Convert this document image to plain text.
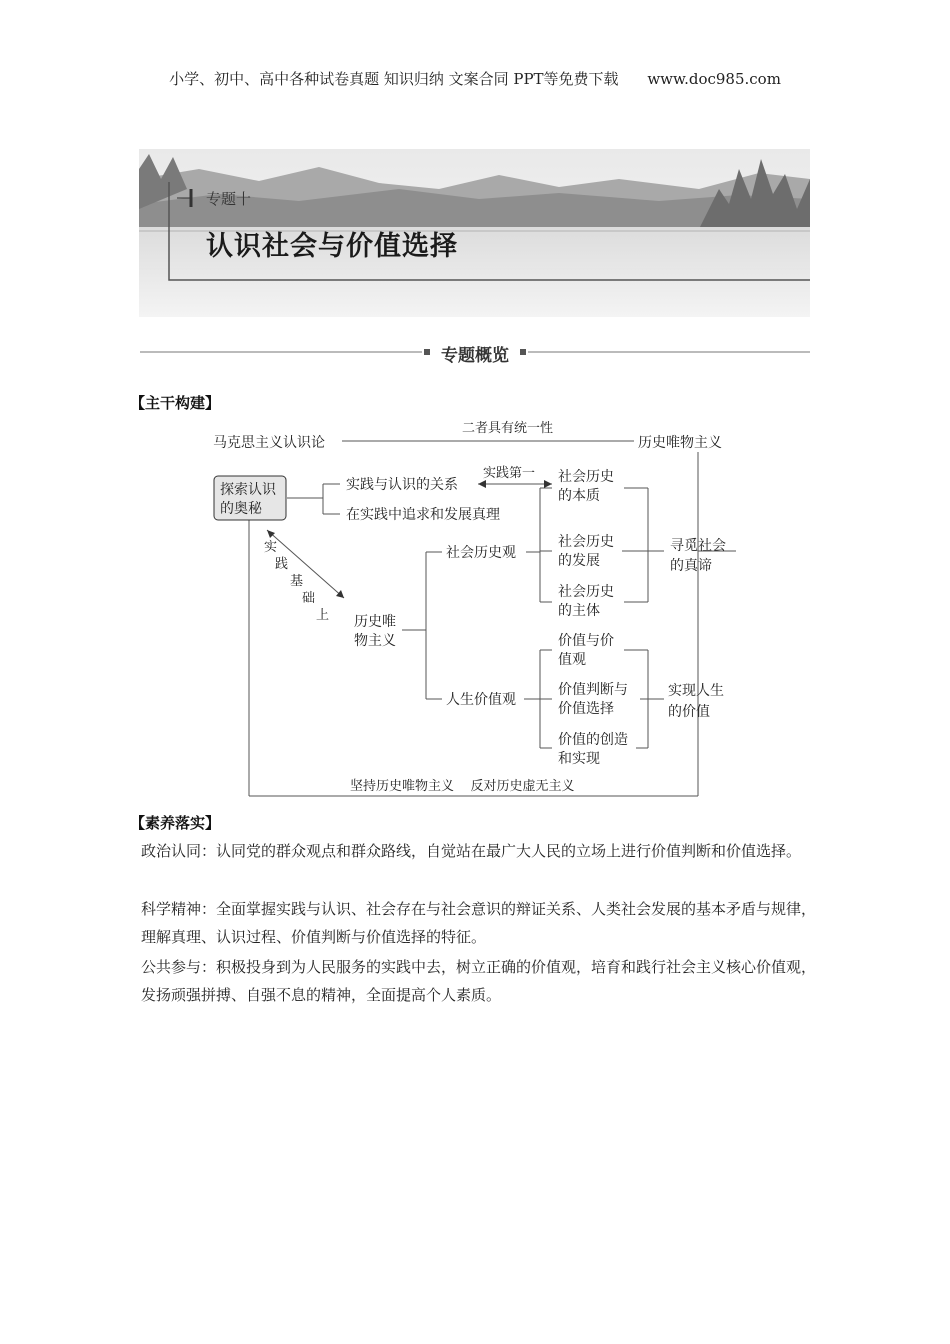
小学、初中、高中各种试卷真题 知识归纳 文案合同 PPT等免费下载 www.doc985.com
专题十
认识社会与价值选择
专题概览
【主干构建】
马克思主义认识论	历史唯物主义
二者具有统一性
探索认识
的奥秘
实践与认识的关系
在实践中追求和发展真理
实践第一
实
践
基
础
上 历史唯
物主义
社会历史观
人生价值观
社会历史
的本质
社会历史
的发展
社会历史
的主体
寻觅社会
的真谛
价值与价
值观
价值判断与
价值选择
价值的创造
和实现
实现人生
的价值
坚持历史唯物主义    反对历史虚无主义
【素养落实】
政治认同：认同党的群众观点和群众路线，自觉站在最广大人民的立场上进行价值判断和价值选择。
科学精神：全面掌握实践与认识、社会存在与社会意识的辩证关系、人类社会发展的基本矛盾与规律，理解真理、认识过程、价值判断与价值选择的特征。
公共参与：积极投身到为人民服务的实践中去，树立正确的价值观，培育和践行社会主义核心价值观，发扬顽强拼搏、自强不息的精神，全面提高个人素质。
